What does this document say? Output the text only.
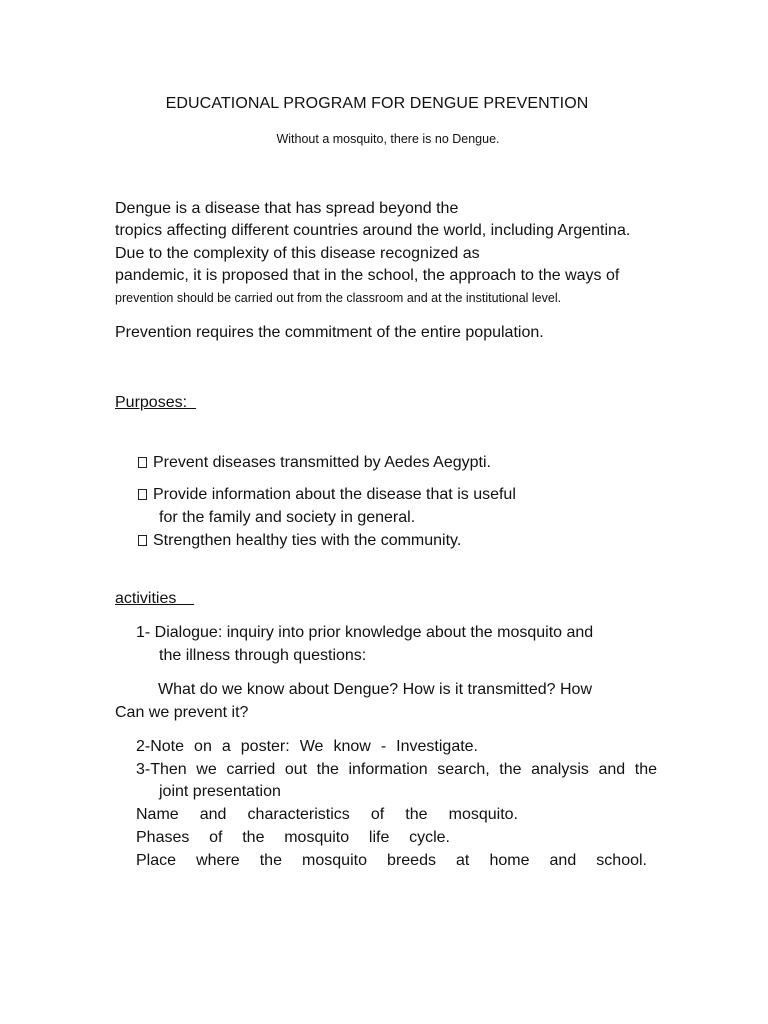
EDUCATIONAL PROGRAM FOR DENGUE PREVENTION
Without a mosquito, there is no Dengue.
Dengue is a disease that has spread beyond the
tropics affecting different countries around the world, including Argentina.
Due to the complexity of this disease recognized as
pandemic, it is proposed that in the school, the approach to the ways of
prevention should be carried out from the classroom and at the institutional level.
Prevention requires the commitment of the entire population.
Purposes:
Prevent diseases transmitted by Aedes Aegypti.
Provide information about the disease that is useful
for the family and society in general.
Strengthen healthy ties with the community.
activities
1- Dialogue: inquiry into prior knowledge about the mosquito and
the illness through questions:
What do we know about Dengue? How is it transmitted? How
Can we prevent it?
2-Note on a poster: We know - Investigate.
3-Then we carried out the information search, the analysis and the
joint presentation
Name and characteristics of the mosquito.
Phases of the mosquito life cycle.
Place where the mosquito breeds at home and school.
